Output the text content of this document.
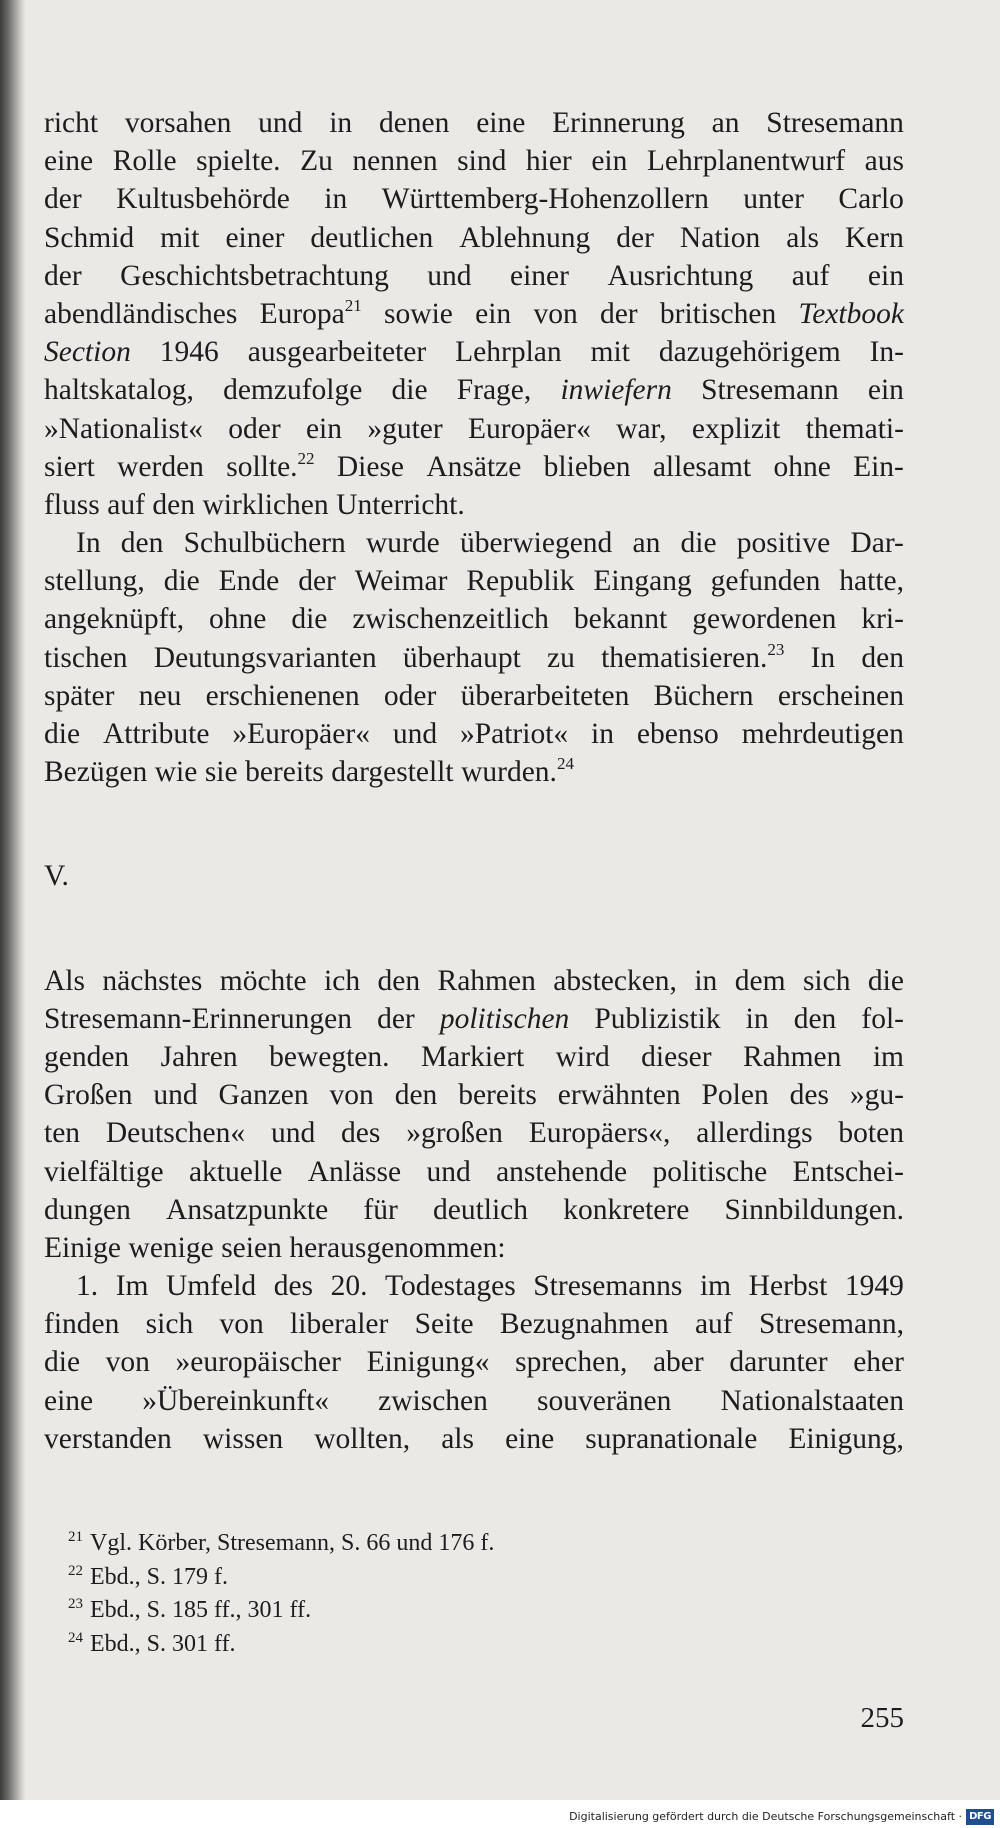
richt vorsahen und in denen eine Erinnerung an Stresemann
eine Rolle spielte. Zu nennen sind hier ein Lehrplanentwurf aus
der Kultusbehörde in Württemberg-Hohenzollern unter Carlo
Schmid mit einer deutlichen Ablehnung der Nation als Kern
der Geschichtsbetrachtung und einer Ausrichtung auf ein
abendländisches Europa$^{21}$ sowie ein von der britischen Textbook
Section 1946 ausgearbeiteter Lehrplan mit dazugehörigem In-
haltskatalog, demzufolge die Frage, inwiefern Stresemann ein
»Nationalist« oder ein »guter Europäer« war, explizit themati-
siert werden sollte.$^{22}$ Diese Ansätze blieben allesamt ohne Ein-
fluss auf den wirklichen Unterricht.
In den Schulbüchern wurde überwiegend an die positive Dar-
stellung, die Ende der Weimar Republik Eingang gefunden hatte,
angeknüpft, ohne die zwischenzeitlich bekannt gewordenen kri-
tischen Deutungsvarianten überhaupt zu thematisieren.$^{23}$ In den
später neu erschienenen oder überarbeiteten Büchern erscheinen
die Attribute »Europäer« und »Patriot« in ebenso mehrdeutigen
Bezügen wie sie bereits dargestellt wurden.$^{24}$
V.
Als nächstes möchte ich den Rahmen abstecken, in dem sich die
Stresemann-Erinnerungen der politischen Publizistik in den fol-
genden Jahren bewegten. Markiert wird dieser Rahmen im
Großen und Ganzen von den bereits erwähnten Polen des »gu-
ten Deutschen« und des »großen Europäers«, allerdings boten
vielfältige aktuelle Anlässe und anstehende politische Entschei-
dungen Ansatzpunkte für deutlich konkretere Sinnbildungen.
Einige wenige seien herausgenommen:
1. Im Umfeld des 20. Todestages Stresemanns im Herbst 1949
finden sich von liberaler Seite Bezugnahmen auf Stresemann,
die von »europäischer Einigung« sprechen, aber darunter eher
eine »Übereinkunft« zwischen souveränen Nationalstaaten
verstanden wissen wollten, als eine supranationale Einigung,
$^{21}$ Vgl. Körber, Stresemann, S. 66 und 176 f.
$^{22}$ Ebd., S. 179 f.
$^{23}$ Ebd., S. 185 ff., 301 ff.
$^{24}$ Ebd., S. 301 ff.
255
Digitalisierung gefördert durch die Deutsche Forschungsgemeinschaft · DFG
